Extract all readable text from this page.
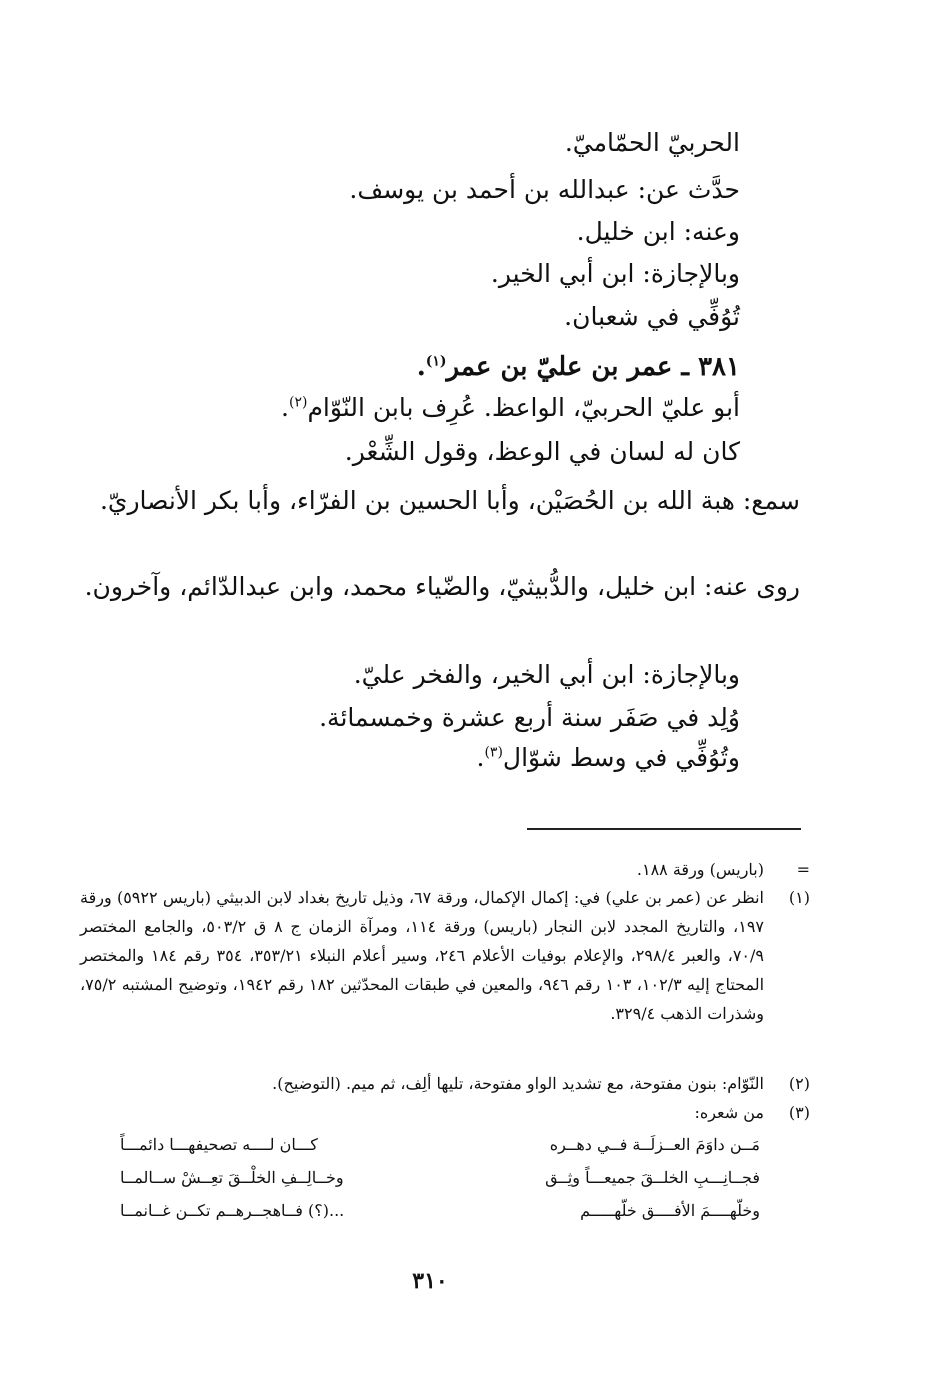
الحربيّ الحمّاميّ.
حدَّث عن: عبدالله بن أحمد بن يوسف.
وعنه: ابن خليل.
وبالإجازة: ابن أبي الخير.
تُوُفِّي في شعبان.
٣٨١ ـ عمر بن عليّ بن عمر$^{(١)}$.
أبو عليّ الحربيّ، الواعظ. عُرِف بابن النّوّام$^{(٢)}$.
كان له لسان في الوعظ، وقول الشِّعْر.
سمع: هبة الله بن الحُصَيْن، وأبا الحسين بن الفرّاء، وأبا بكر الأنصاريّ.
روى عنه: ابن خليل، والدُّبيثيّ، والضّياء محمد، وابن عبدالدّائم، وآخرون.
وبالإجازة: ابن أبي الخير، والفخر عليّ.
وُلِد في صَفَر سنة أربع عشرة وخمسمائة.
وتُوُفِّي في وسط شوّال$^{(٣)}$.
=
(باريس) ورقة ١٨٨.
(١)
انظر عن (عمر بن علي) في: إكمال الإكمال، ورقة ٦٧، وذيل تاريخ بغداد لابن الدبيثي (باريس ٥٩٢٢) ورقة ١٩٧، والتاريخ المجدد لابن النجار (باريس) ورقة ١١٤، ومرآة الزمان ج ٨ ق ٥٠٣/٢، والجامع المختصر ٧٠/٩، والعبر ٢٩٨/٤، والإعلام بوفيات الأعلام ٢٤٦، وسير أعلام النبلاء ٣٥٣/٢١، ٣٥٤ رقم ١٨٤ والمختصر المحتاج إليه ١٠٢/٣، ١٠٣ رقم ٩٤٦، والمعين في طبقات المحدّثين ١٨٢ رقم ١٩٤٢، وتوضيح المشتبه ٧٥/٢، وشذرات الذهب ٣٢٩/٤.
(٢)
النّوّام: بنون مفتوحة، مع تشديد الواو مفتوحة، تليها ألِف، ثم ميم. (التوضيح).
(٣)
من شعره:
مَــن داوَمَ العــزلَــة فــي دهــره
كـــان لــــه تصحيفهـــا دائمـــاً
فجــانِـــبِ الخلــقَ جميعـــاً وثِــق
وخــالِــفِ الخلْــقَ تعِــشْ ســالمــا
وخلّهــــمَ الأفــــق خلّهـــــم
...(؟) فــاهجــرهــم تكــن غــانمــا
٣١٠
